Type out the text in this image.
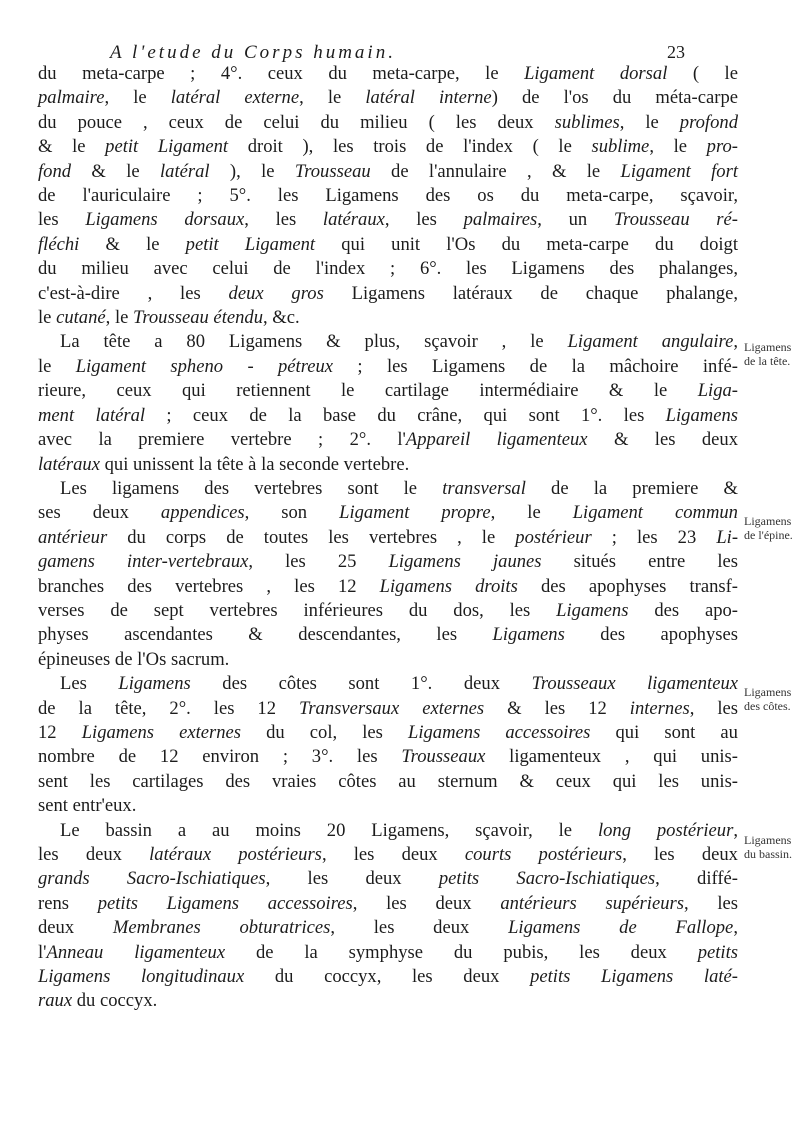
A l'etude du Corps humain.	23

du meta-carpe ; 4°. ceux du meta-carpe, le Ligament dorsal ( le

palmaire, le latéral externe, le latéral interne) de l'os du méta-carpe

du pouce , ceux de celui du milieu ( les deux sublimes, le profond

& le petit Ligament droit ), les trois de l'index ( le sublime, le pro-

fond & le latéral ), le Trousseau de l'annulaire , & le Ligament fort

de l'auriculaire ; 5°. les Ligamens des os du meta-carpe, sçavoir,

les Ligamens dorsaux, les latéraux, les palmaires, un Trousseau ré-

fléchi & le petit Ligament qui unit l'Os du meta-carpe du doigt

du milieu avec celui de l'index ; 6°. les Ligamens des phalanges,

c'est-à-dire , les deux gros Ligamens latéraux de chaque phalange,

le cutané, le Trousseau étendu, &c.

La tête a 80 Ligamens & plus, sçavoir , le Ligament angulaire,

le Ligament spheno - pétreux ; les Ligamens de la mâchoire infé-

rieure, ceux qui retiennent le cartilage intermédiaire & le Liga-

ment latéral ; ceux de la base du crâne, qui sont 1°. les Ligamens

avec la premiere vertebre ; 2°. l'Appareil ligamenteux & les deux

latéraux qui unissent la tête à la seconde vertebre.

Les ligamens des vertebres sont le transversal de la premiere &

ses deux appendices, son Ligament propre, le Ligament commun

antérieur du corps de toutes les vertebres , le postérieur ; les 23 Li-

gamens inter-vertebraux, les 25 Ligamens jaunes situés entre les

branches des vertebres , les 12 Ligamens droits des apophyses transf-

verses de sept vertebres inférieures du dos, les Ligamens des apo-

physes ascendantes & descendantes, les Ligamens des apophyses

épineuses de l'Os sacrum.

Les Ligamens des côtes sont 1°. deux Trousseaux ligamenteux

de la tête, 2°. les 12 Transversaux externes & les 12 internes, les

12 Ligamens externes du col, les Ligamens accessoires qui sont au

nombre de 12 environ ; 3°. les Trousseaux ligamenteux , qui unis-

sent les cartilages des vraies côtes au sternum & ceux qui les unis-

sent entr'eux.

Le bassin a au moins 20 Ligamens, sçavoir, le long postérieur,

les deux latéraux postérieurs, les deux courts postérieurs, les deux

grands Sacro-Ischiatiques, les deux petits Sacro-Ischiatiques, diffé-

rens petits Ligamens accessoires, les deux antérieurs supérieurs, les

deux Membranes obturatrices, les deux Ligamens de Fallope,

l'Anneau ligamenteux de la symphyse du pubis, les deux petits

Ligamens longitudinaux du coccyx, les deux petits Ligamens laté-

raux du coccyx.

Ligamens de la tête.
Ligamens de l'épine.
Ligamens des côtes.
Ligamens du bassin.
